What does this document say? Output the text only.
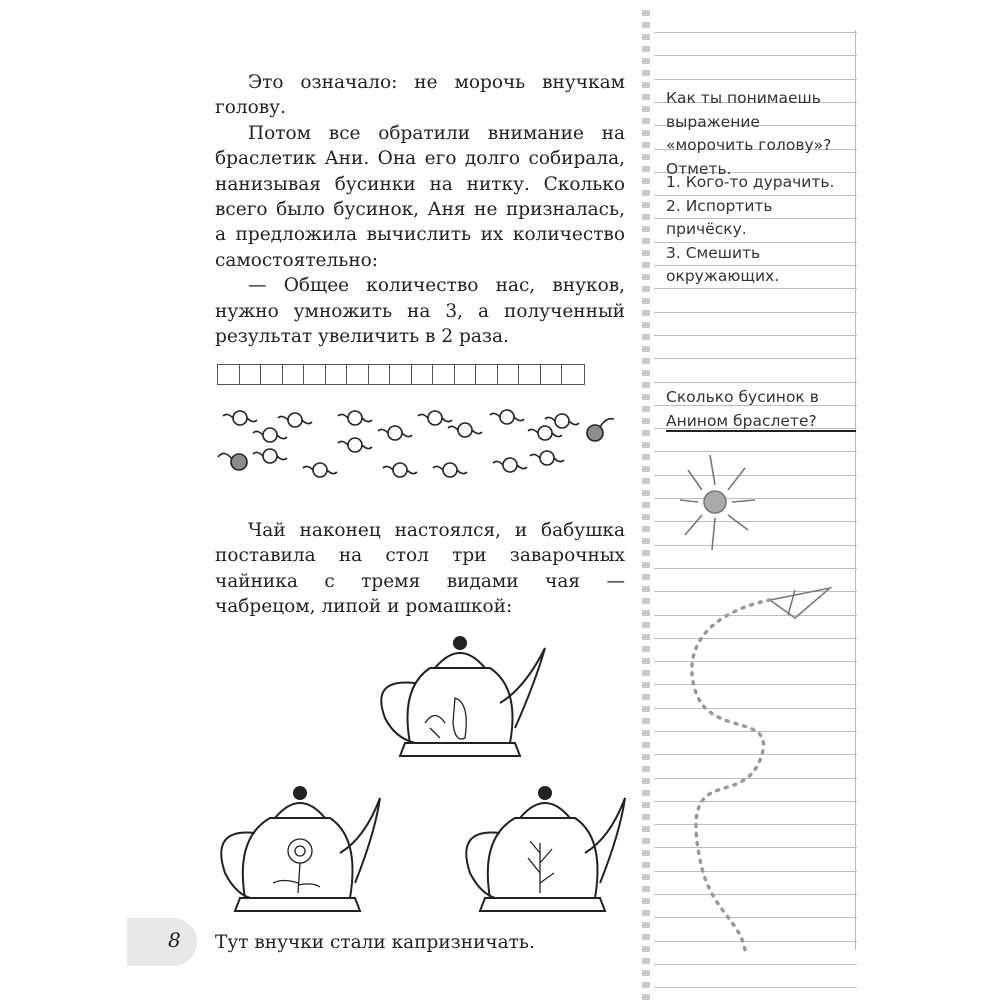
Это означало: не морочь внучкам голову.

Потом все обратили внимание на браслетик Ани. Она его долго собирала, нанизывая бусинки на нитку. Сколько всего было бусинок, Аня не призналась, а предложила вычислить их количество самостоятельно:

— Общее количество нас, внуков, нужно умножить на 3, а полученный результат увеличить в 2 раза.

Чай наконец настоялся, и бабушка поставила на стол три заварочных чайника с тремя видами чая — чабрецом, липой и ромашкой:

8 Тут внучки стали капризничать.
Как ты понимаешь выражение «морочить голову»? Отметь.
1. Кого-то дурачить.
2. Испортить причёску.
3. Смешить окружающих.
Сколько бусинок в Анином браслете?
